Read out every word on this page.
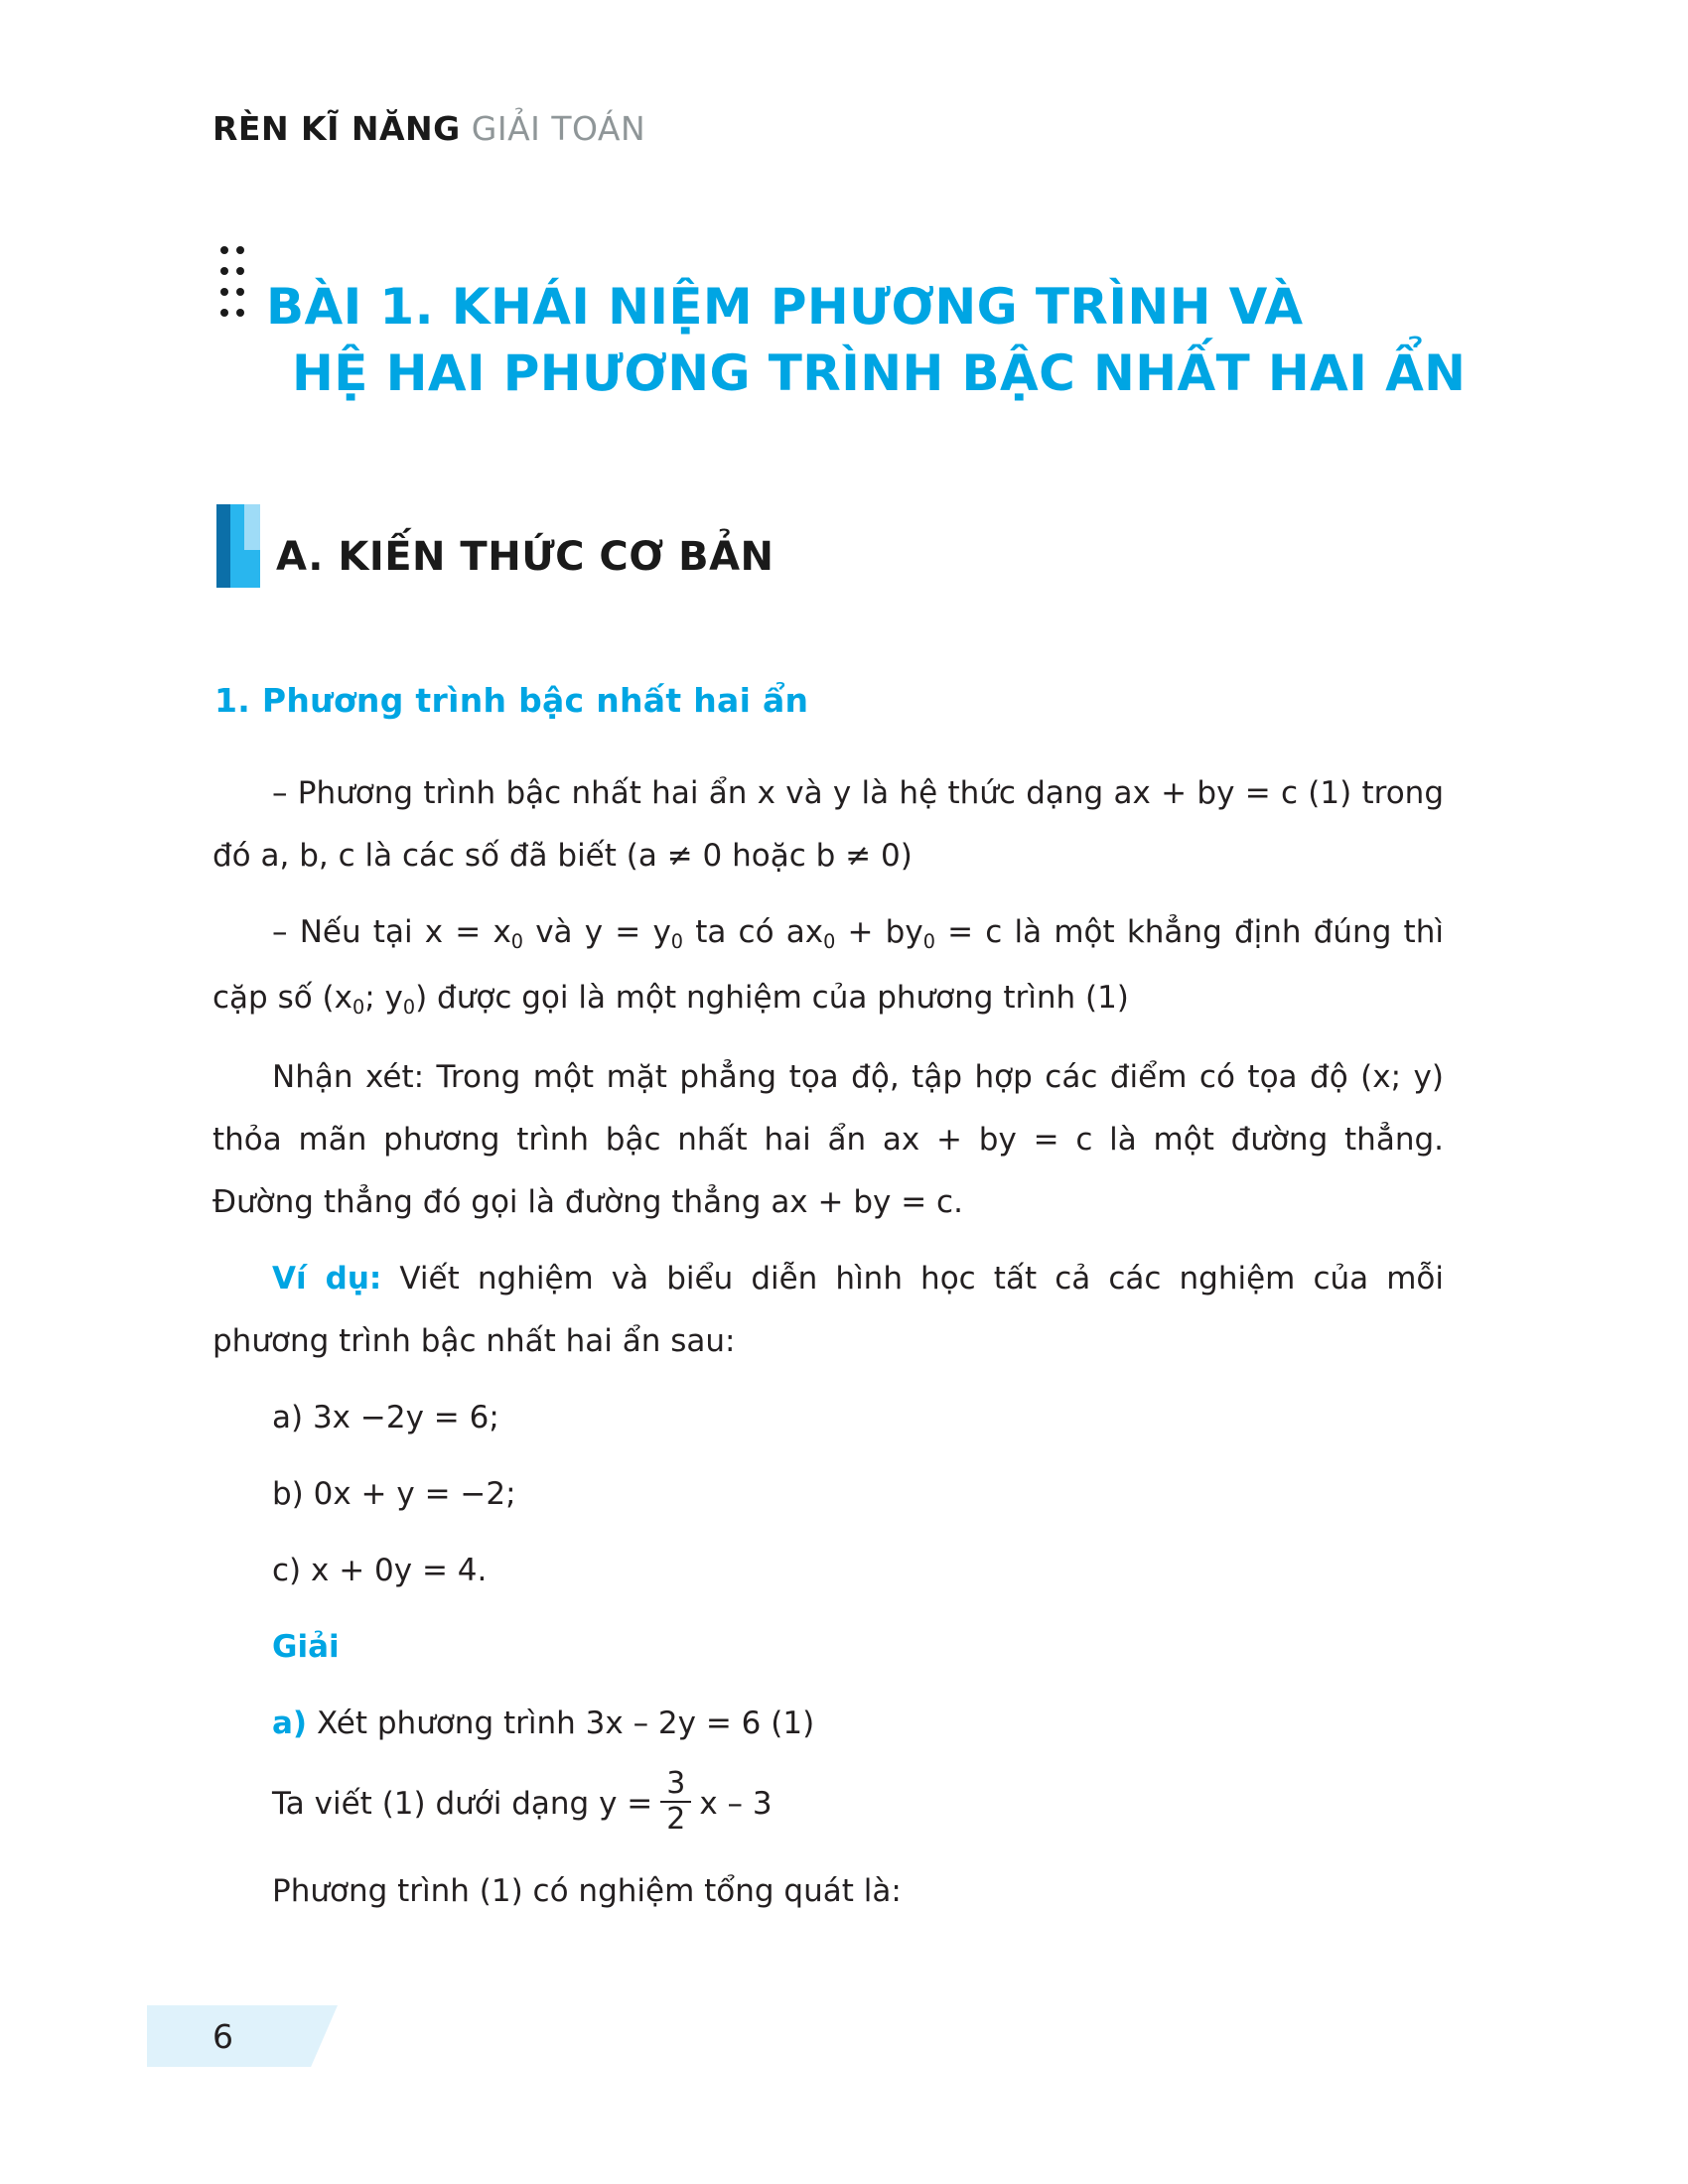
RÈN KĨ NĂNG GIẢI TOÁN
BÀI 1. KHÁI NIỆM PHƯƠNG TRÌNH VÀ
HỆ HAI PHƯƠNG TRÌNH BẬC NHẤT HAI ẨN
A. KIẾN THỨC CƠ BẢN
1. Phương trình bậc nhất hai ẩn

– Phương trình bậc nhất hai ẩn x và y là hệ thức dạng ax + by = c (1) trong đó a, b, c là các số đã biết (a ≠ 0 hoặc b ≠ 0)

– Nếu tại $x = x_0$ và $y = y_0$ ta có $ax_0 + by_0 = c$ là một khẳng định đúng thì cặp số ($x_0$; $y_0$) được gọi là một nghiệm của phương trình (1)

Nhận xét: Trong một mặt phẳng tọa độ, tập hợp các điểm có tọa độ (x; y) thỏa mãn phương trình bậc nhất hai ẩn ax + by = c là một đường thẳng. Đường thẳng đó gọi là đường thẳng ax + by = c.

Ví dụ: Viết nghiệm và biểu diễn hình học tất cả các nghiệm của mỗi phương trình bậc nhất hai ẩn sau:

a) 3x −2y = 6;

b) 0x + y = −2;

c) x + 0y = 4.

Giải

a) Xét phương trình 3x – 2y = 6 (1)

Ta viết (1) dưới dạng $y = \frac{3}{2}$ x – 3

Phương trình (1) có nghiệm tổng quát là:

6
